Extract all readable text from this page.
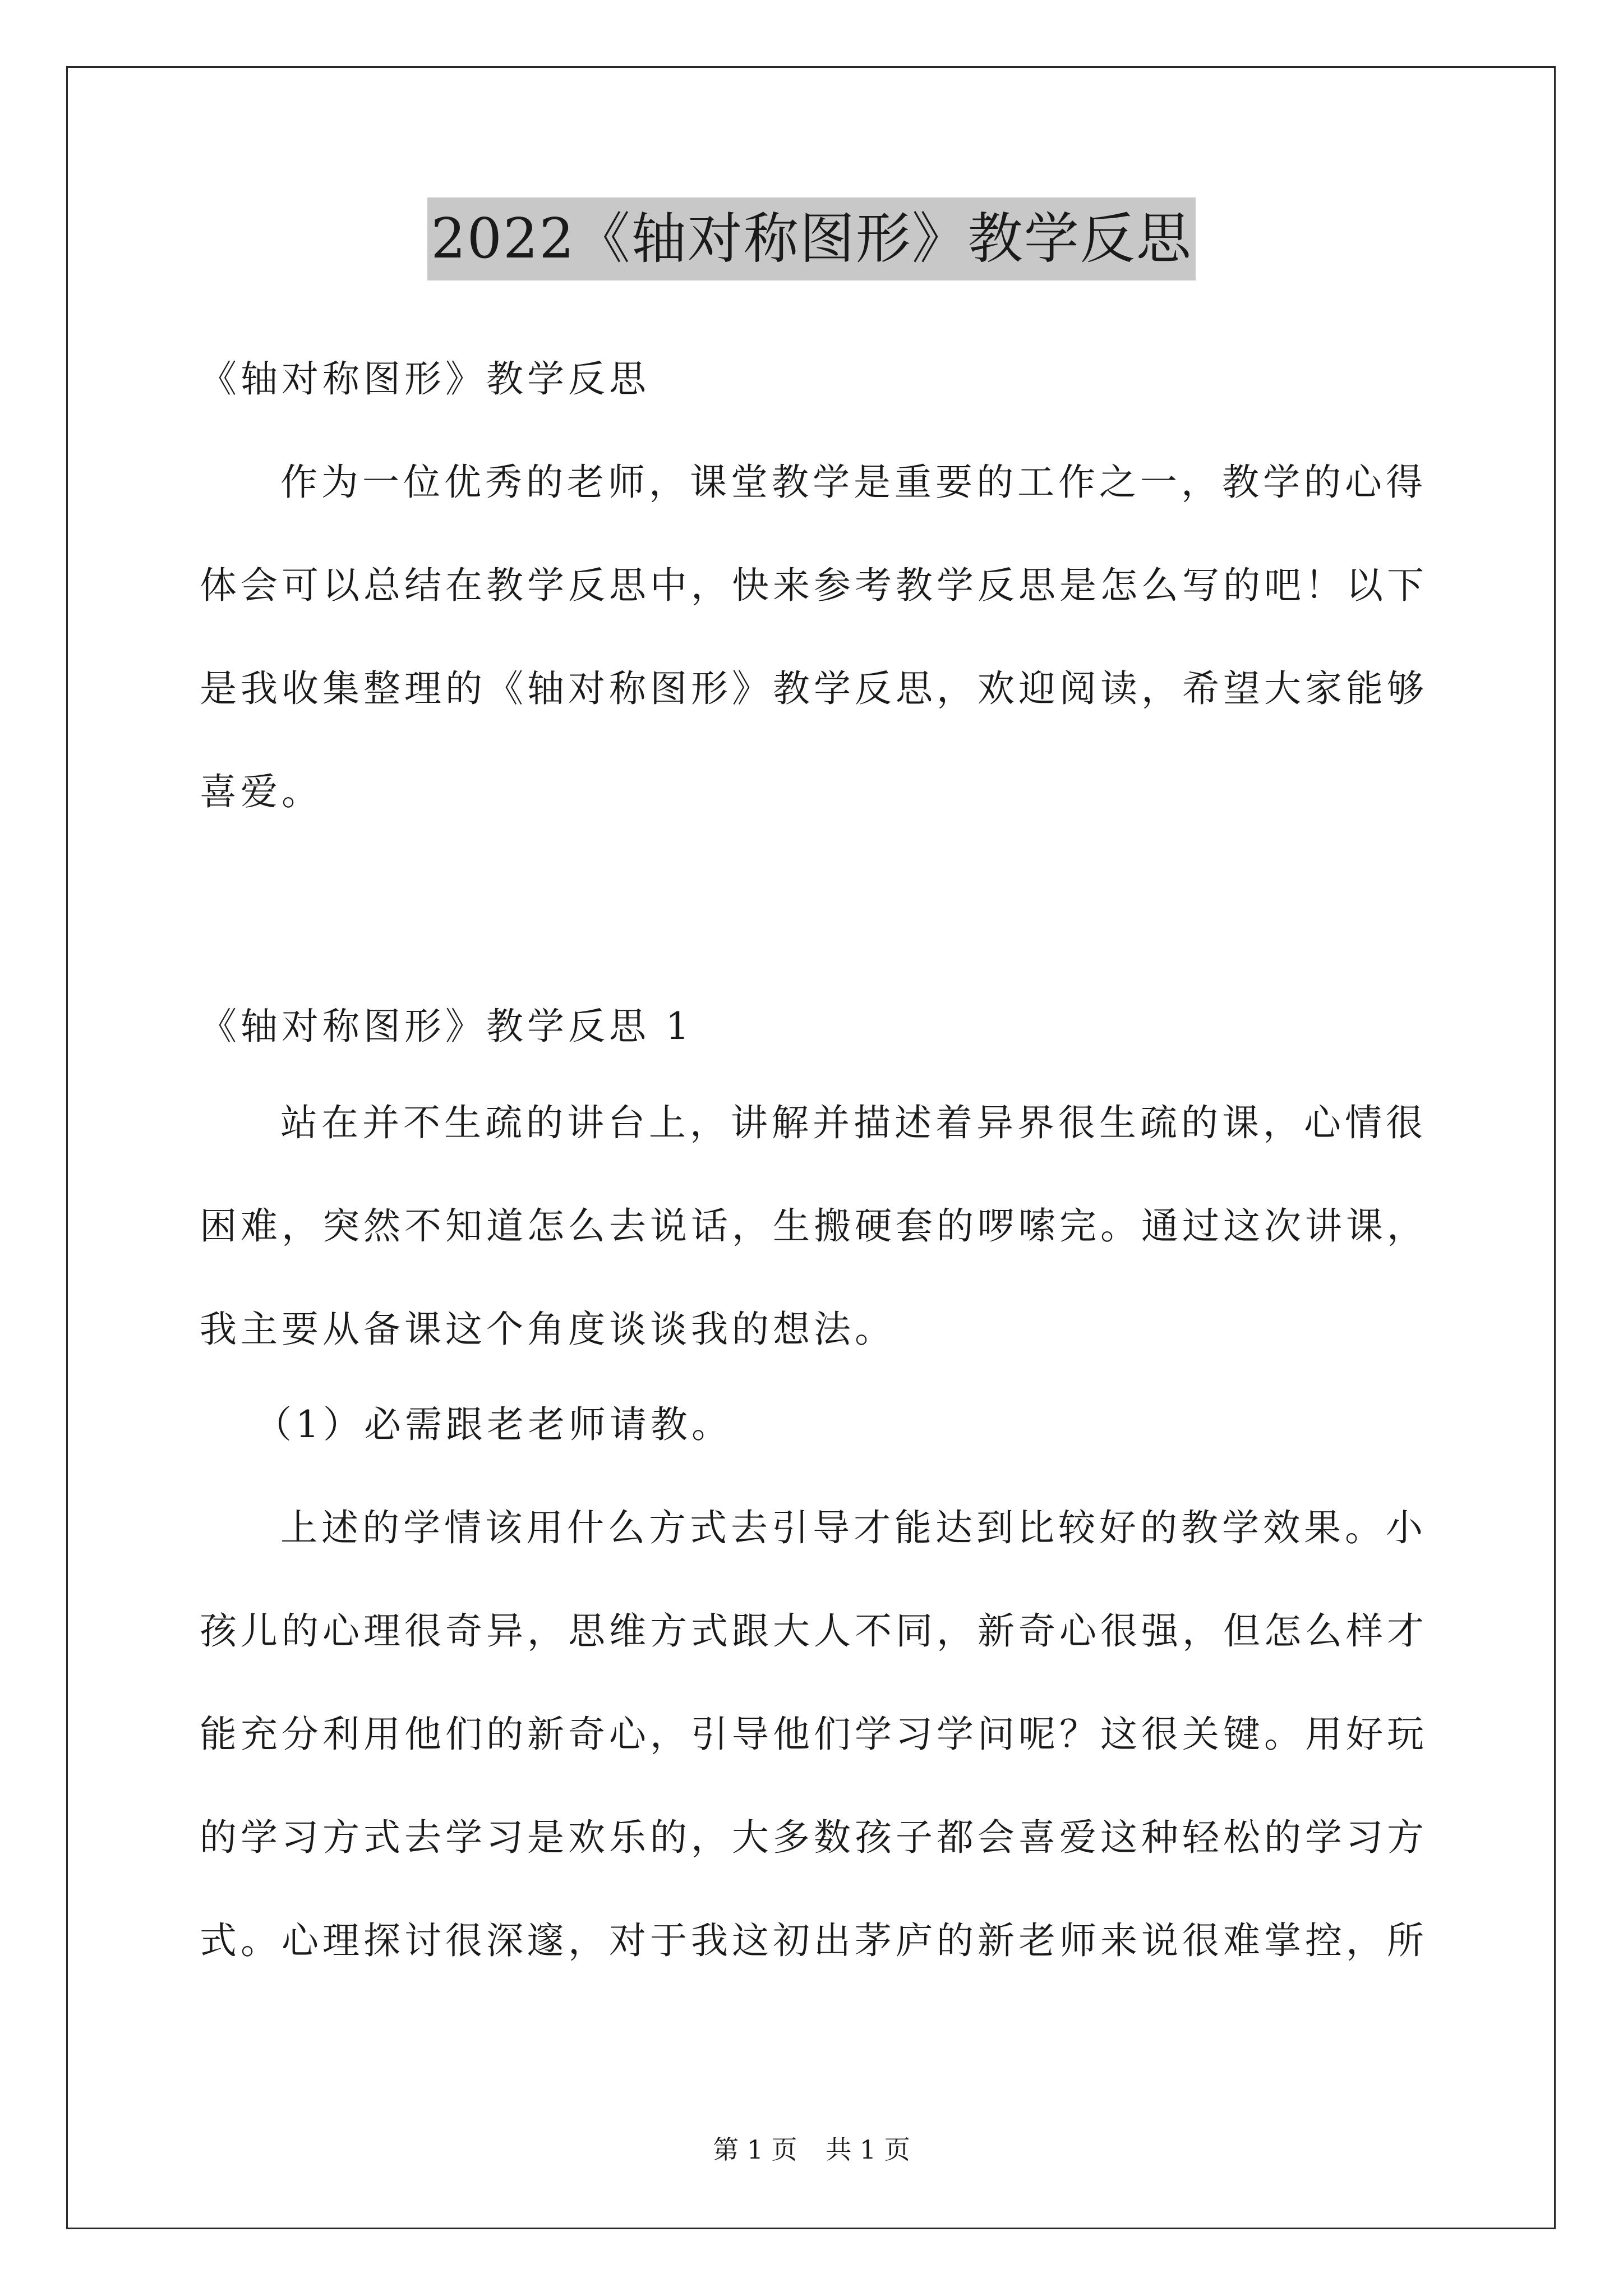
2022《轴对称图形》教学反思
《轴对称图形》教学反思
作为一位优秀的老师，课堂教学是重要的工作之一，教学的心得
体会可以总结在教学反思中，快来参考教学反思是怎么写的吧！以下
是我收集整理的《轴对称图形》教学反思，欢迎阅读，希望大家能够
喜爱。
《轴对称图形》教学反思 1
站在并不生疏的讲台上，讲解并描述着异界很生疏的课，心情很
困难，突然不知道怎么去说话，生搬硬套的啰嗦完。通过这次讲课，
我主要从备课这个角度谈谈我的想法。
（1）必需跟老老师请教。
上述的学情该用什么方式去引导才能达到比较好的教学效果。小
孩儿的心理很奇异，思维方式跟大人不同，新奇心很强，但怎么样才
能充分利用他们的新奇心，引导他们学习学问呢？这很关键。用好玩
的学习方式去学习是欢乐的，大多数孩子都会喜爱这种轻松的学习方
式。心理探讨很深邃，对于我这初出茅庐的新老师来说很难掌控，所
第 1 页 共 1 页
